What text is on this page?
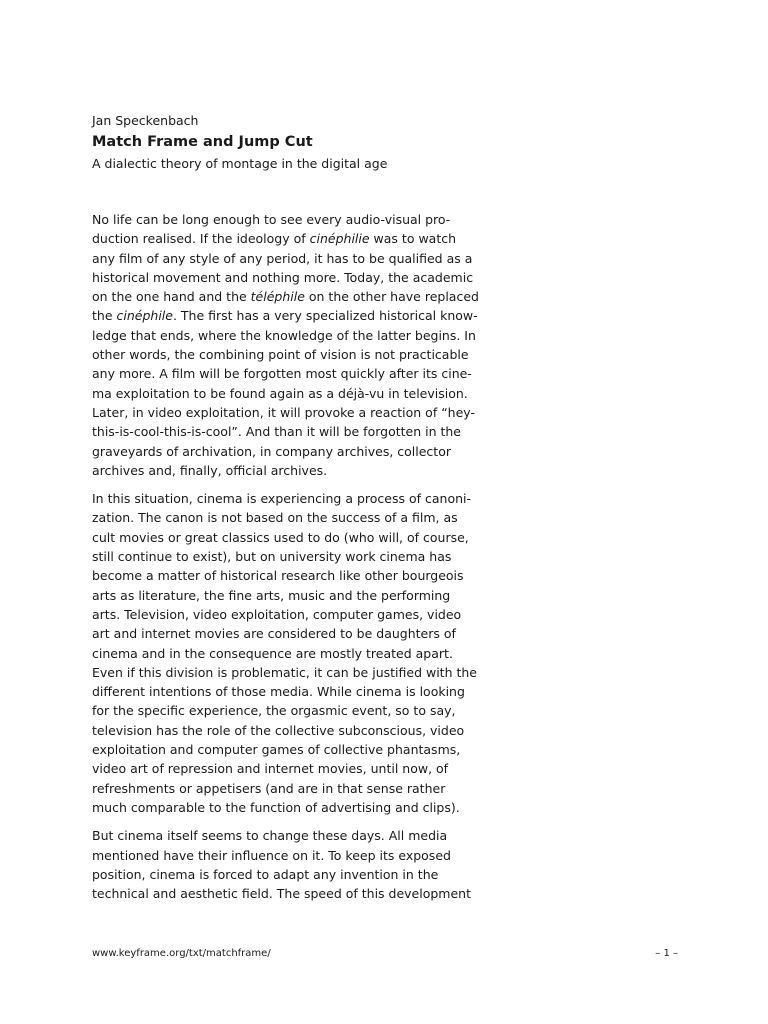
Jan Speckenbach

Match Frame and Jump Cut

A dialectic theory of montage in the digital age

No life can be long enough to see every audio-visual pro-
duction realised. If the ideology of cinéphilie was to watch
any film of any style of any period, it has to be qualified as a
historical movement and nothing more. Today, the academic
on the one hand and the téléphile on the other have replaced
the cinéphile. The first has a very specialized historical know-
ledge that ends, where the knowledge of the latter begins. In
other words, the combining point of vision is not practicable
any more. A film will be forgotten most quickly after its cine-
ma exploitation to be found again as a déjà-vu in television.
Later, in video exploitation, it will provoke a reaction of “hey-
this-is-cool-this-is-cool”. And than it will be forgotten in the
graveyards of archivation, in company archives, collector
archives and, finally, official archives.

In this situation, cinema is experiencing a process of canoni-
zation. The canon is not based on the success of a film, as
cult movies or great classics used to do (who will, of course,
still continue to exist), but on university work cinema has
become a matter of historical research like other bourgeois
arts as literature, the fine arts, music and the performing
arts. Television, video exploitation, computer games, video
art and internet movies are considered to be daughters of
cinema and in the consequence are mostly treated apart.
Even if this division is problematic, it can be justified with the
different intentions of those media. While cinema is looking
for the specific experience, the orgasmic event, so to say,
television has the role of the collective subconscious, video
exploitation and computer games of collective phantasms,
video art of repression and internet movies, until now, of
refreshments or appetisers (and are in that sense rather
much comparable to the function of advertising and clips).

But cinema itself seems to change these days. All media
mentioned have their influence on it. To keep its exposed
position, cinema is forced to adapt any invention in the
technical and aesthetic field. The speed of this development

www.keyframe.org/txt/matchframe/	– 1 –
